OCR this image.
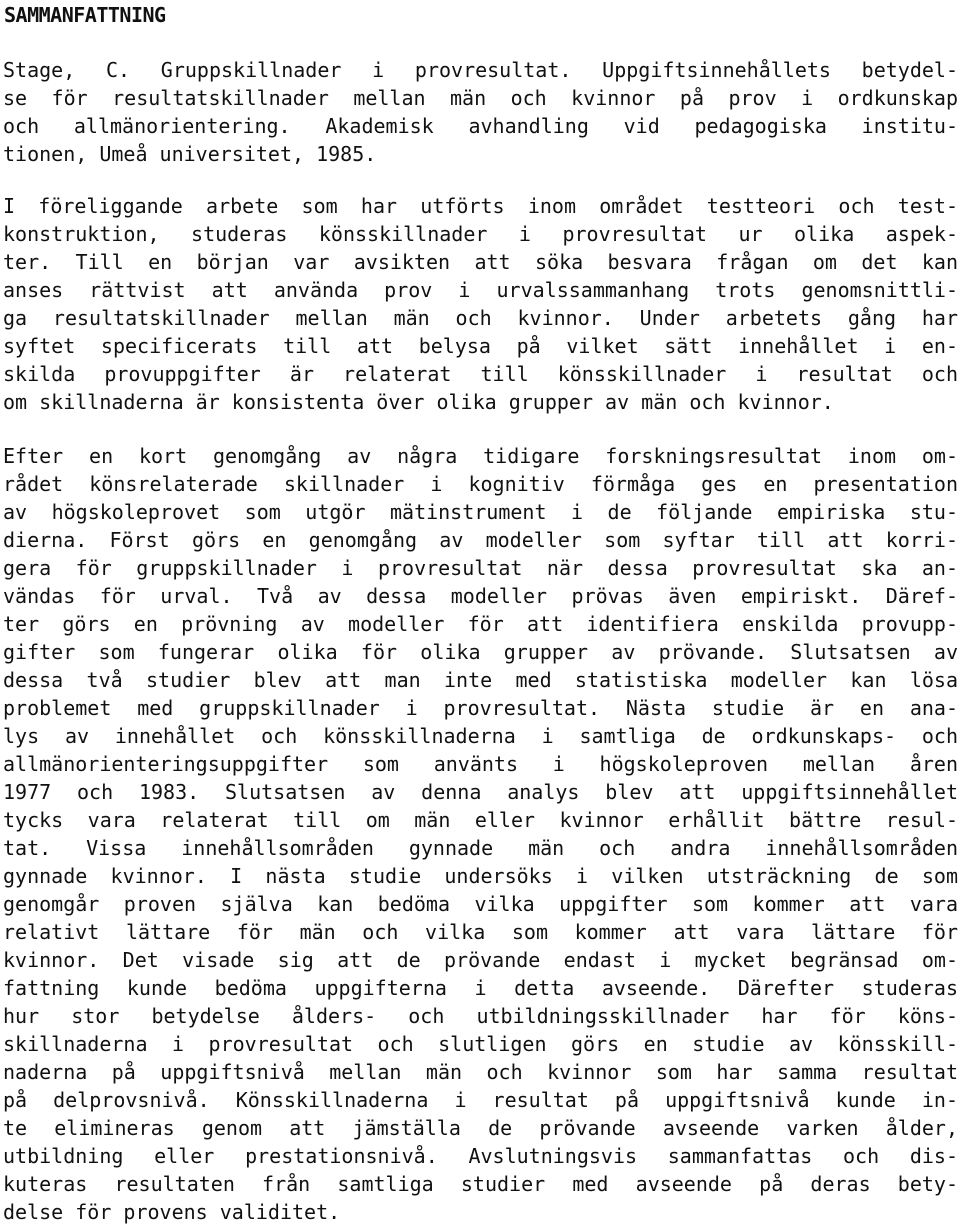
SAMMANFATTNING
Stage, C. Gruppskillnader i provresultat. Uppgiftsinnehållets betydel-
se för resultatskillnader mellan män och kvinnor på prov i ordkunskap
och allmänorientering. Akademisk avhandling vid pedagogiska institu-
tionen, Umeå universitet, 1985.
I föreliggande arbete som har utförts inom området testteori och test-
konstruktion, studeras könsskillnader i provresultat ur olika aspek-
ter. Till en början var avsikten att söka besvara frågan om det kan
anses rättvist att använda prov i urvalssammanhang trots genomsnittli-
ga resultatskillnader mellan män och kvinnor. Under arbetets gång har
syftet specificerats till att belysa på vilket sätt innehållet i en-
skilda provuppgifter är relaterat till könsskillnader i resultat och
om skillnaderna är konsistenta över olika grupper av män och kvinnor.
Efter en kort genomgång av några tidigare forskningsresultat inom om-
rådet könsrelaterade skillnader i kognitiv förmåga ges en presentation
av högskoleprovet som utgör mätinstrument i de följande empiriska stu-
dierna. Först görs en genomgång av modeller som syftar till att korri-
gera för gruppskillnader i provresultat när dessa provresultat ska an-
vändas för urval. Två av dessa modeller prövas även empiriskt. Däref-
ter görs en prövning av modeller för att identifiera enskilda provupp-
gifter som fungerar olika för olika grupper av prövande. Slutsatsen av
dessa två studier blev att man inte med statistiska modeller kan lösa
problemet med gruppskillnader i provresultat. Nästa studie är en ana-
lys av innehållet och könsskillnaderna i samtliga de ordkunskaps- och
allmänorienteringsuppgifter som använts i högskoleproven mellan åren
1977 och 1983. Slutsatsen av denna analys blev att uppgiftsinnehållet
tycks vara relaterat till om män eller kvinnor erhållit bättre resul-
tat. Vissa innehållsområden gynnade män och andra innehållsområden
gynnade kvinnor. I nästa studie undersöks i vilken utsträckning de som
genomgår proven själva kan bedöma vilka uppgifter som kommer att vara
relativt lättare för män och vilka som kommer att vara lättare för
kvinnor. Det visade sig att de prövande endast i mycket begränsad om-
fattning kunde bedöma uppgifterna i detta avseende. Därefter studeras
hur stor betydelse ålders- och utbildningsskillnader har för köns-
skillnaderna i provresultat och slutligen görs en studie av könsskill-
naderna på uppgiftsnivå mellan män och kvinnor som har samma resultat
på delprovsnivå. Könsskillnaderna i resultat på uppgiftsnivå kunde in-
te elimineras genom att jämställa de prövande avseende varken ålder,
utbildning eller prestationsnivå. Avslutningsvis sammanfattas och dis-
kuteras resultaten från samtliga studier med avseende på deras bety-
delse för provens validitet.
